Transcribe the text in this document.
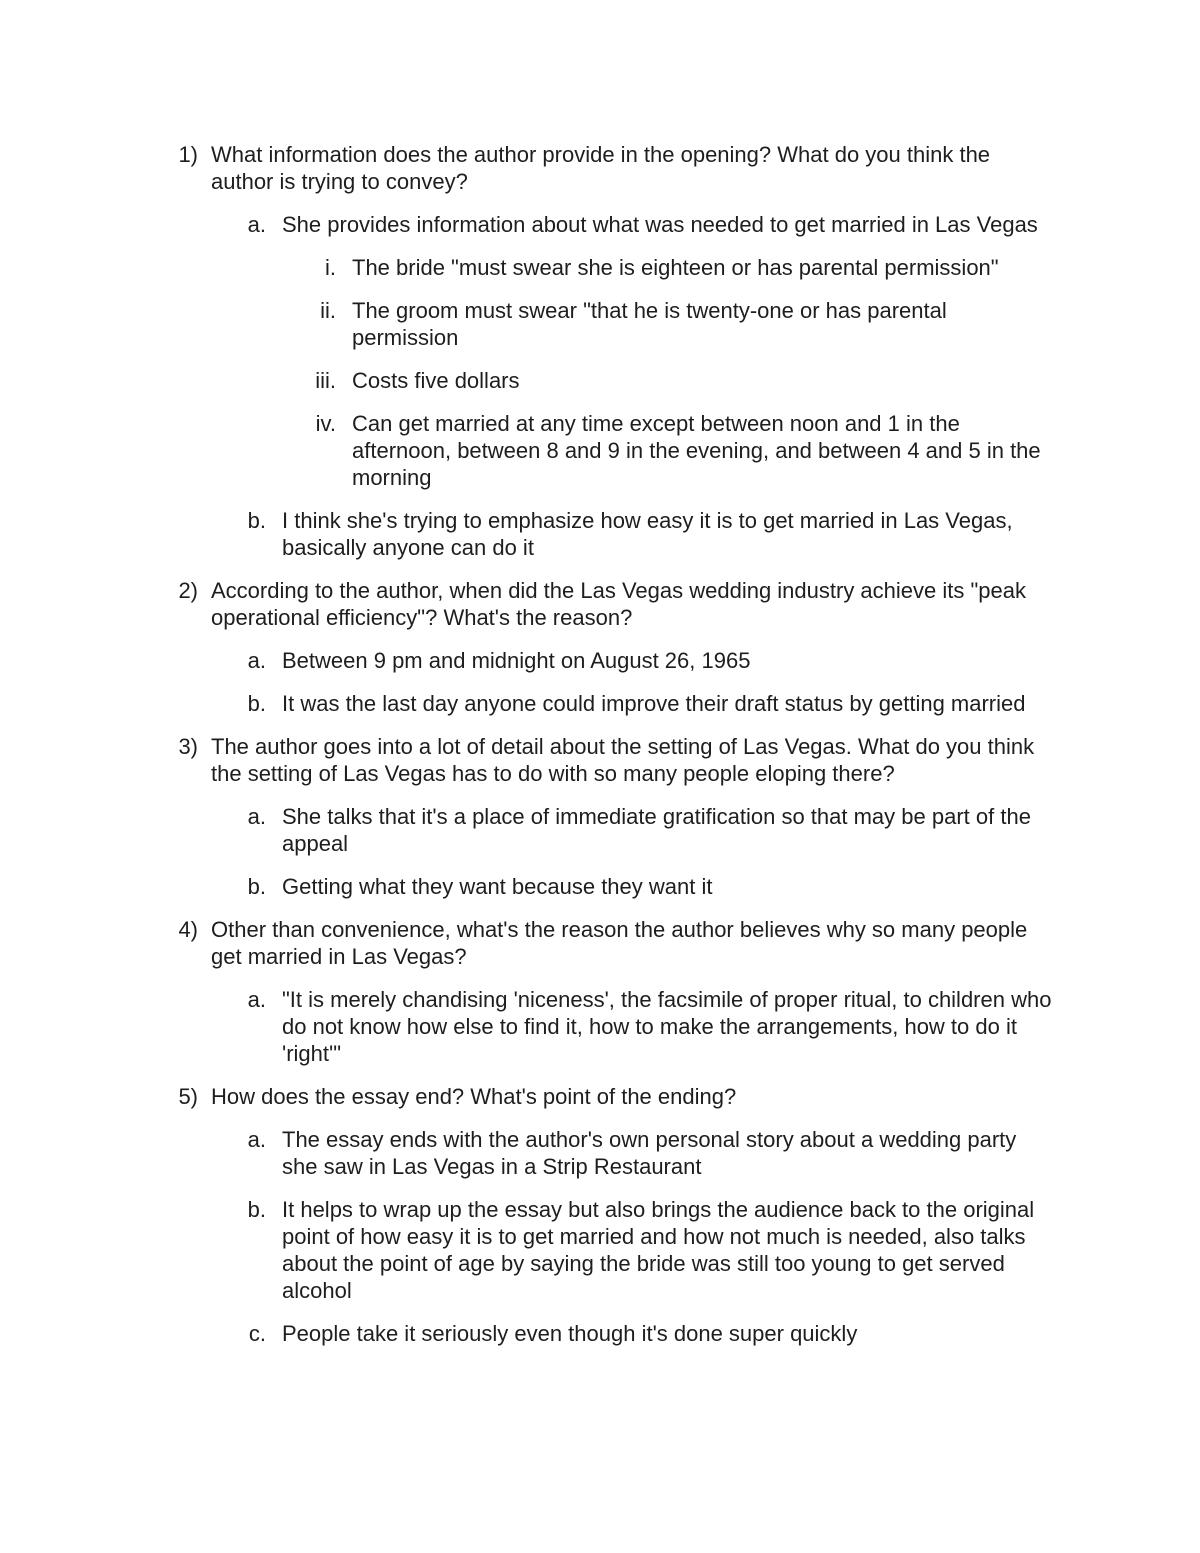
1) What information does the author provide in the opening? What do you think the author is trying to convey?
a. She provides information about what was needed to get married in Las Vegas
i. The bride "must swear she is eighteen or has parental permission"
ii. The groom must swear "that he is twenty-one or has parental permission
iii. Costs five dollars
iv. Can get married at any time except between noon and 1 in the afternoon, between 8 and 9 in the evening, and between 4 and 5 in the morning
b. I think she's trying to emphasize how easy it is to get married in Las Vegas, basically anyone can do it
2) According to the author, when did the Las Vegas wedding industry achieve its "peak operational efficiency"? What's the reason?
a. Between 9 pm and midnight on August 26, 1965
b. It was the last day anyone could improve their draft status by getting married
3) The author goes into a lot of detail about the setting of Las Vegas. What do you think the setting of Las Vegas has to do with so many people eloping there?
a. She talks that it's a place of immediate gratification so that may be part of the appeal
b. Getting what they want because they want it
4) Other than convenience, what's the reason the author believes why so many people get married in Las Vegas?
a. "It is merely chandising 'niceness', the facsimile of proper ritual, to children who do not know how else to find it, how to make the arrangements, how to do it 'right'"
5) How does the essay end? What's point of the ending?
a. The essay ends with the author's own personal story about a wedding party she saw in Las Vegas in a Strip Restaurant
b. It helps to wrap up the essay but also brings the audience back to the original point of how easy it is to get married and how not much is needed, also talks about the point of age by saying the bride was still too young to get served alcohol
c. People take it seriously even though it's done super quickly
